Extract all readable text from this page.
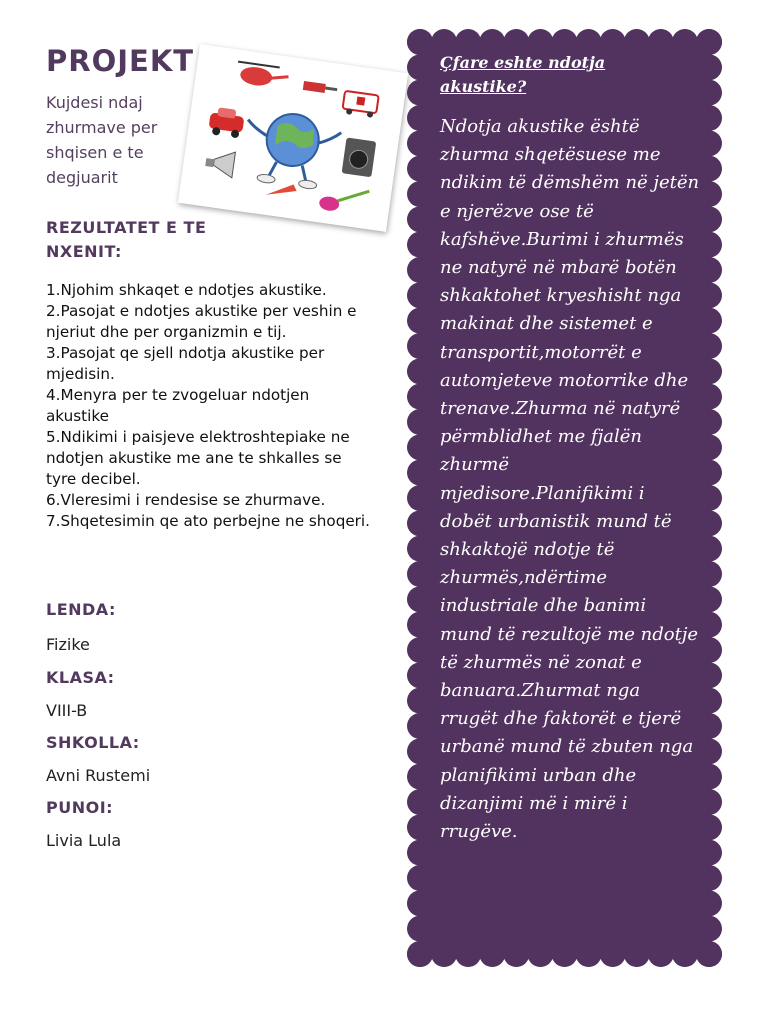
PROJEKT
Kujdesi ndaj zhurmave per shqisen e te degjuarit
REZULTATET E TE NXENIT:
1.Njohim shkaqet e ndotjes akustike.
2.Pasojat e ndotjes akustike per veshin e njeriut dhe per organizmin e tij.
3.Pasojat qe sjell ndotja akustike per mjedisin.
4.Menyra per te zvogeluar ndotjen akustike
5.Ndikimi i paisjeve elektroshtepiake ne ndotjen akustike me ane te shkalles se tyre decibel.
6.Vleresimi i rendesise se zhurmave.
7.Shqetesimin qe ato perbejne ne shoqeri.
LENDA:
Fizike
KLASA:
VIII-B
SHKOLLA:
Avni Rustemi
PUNOI:
Livia Lula
Çfare eshte ndotja akustike?
Ndotja akustike është zhurma shqetësuese me ndikim të dëmshëm në jetën e njerëzve ose të kafshëve.Burimi i zhurmës ne natyrë në mbarë botën shkaktohet kryeshisht nga makinat dhe sistemet e transportit,motorrët e automjeteve motorrike dhe trenave.Zhurma në natyrë përmblidhet me fjalën zhurmë mjedisore.Planifikimi i dobët urbanistik mund të shkaktojë ndotje të zhurmës,ndërtime industriale dhe banimi mund të rezultojë me ndotje të zhurmës në zonat e banuara.Zhurmat nga rrugët dhe faktorët e tjerë urbanë mund të zbuten nga planifikimi urban dhe dizanjimi më i mirë i rrugëve.
